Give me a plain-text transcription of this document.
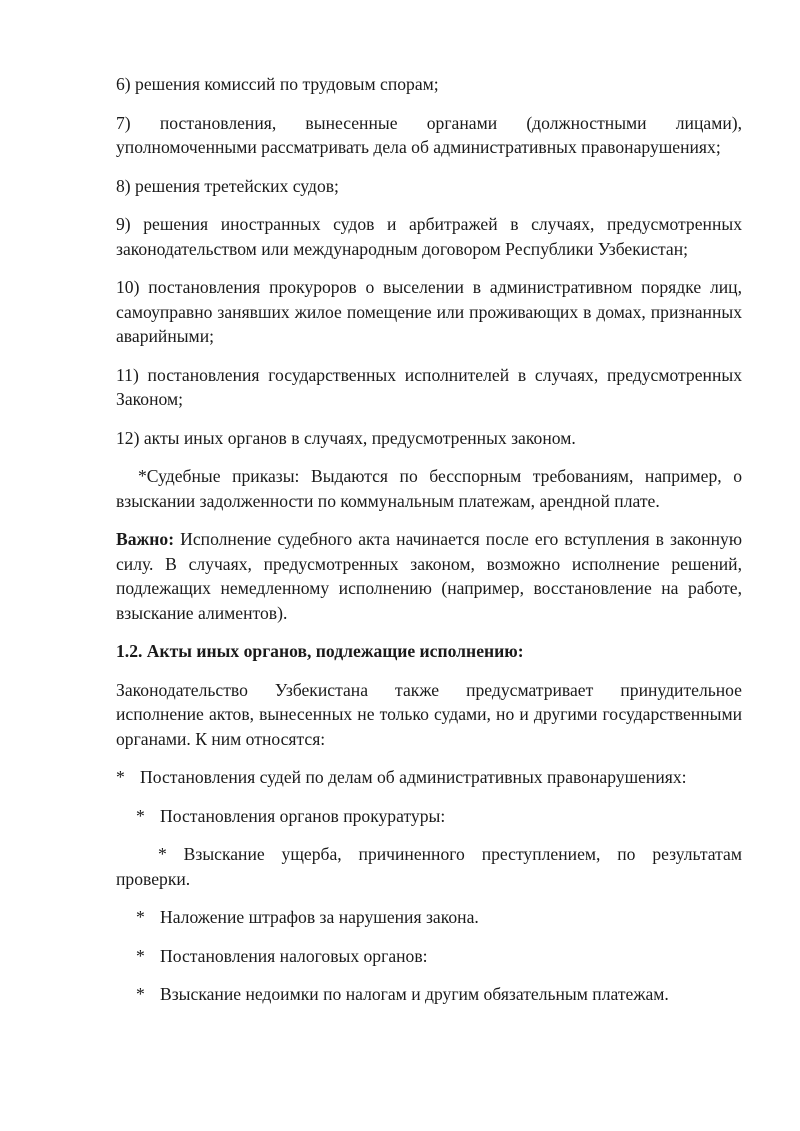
6) решения комиссий по трудовым спорам;

7) постановления, вынесенные органами (должностными лицами), уполномоченными рассматривать дела об административных правонарушениях;

8) решения третейских судов;

9) решения иностранных судов и арбитражей в случаях, предусмотренных законодательством или международным договором Республики Узбекистан;

10) постановления прокуроров о выселении в административном порядке лиц, самоуправно занявших жилое помещение или проживающих в домах, признанных аварийными;

11) постановления государственных исполнителей в случаях, предусмотренных Законом;

12) акты иных органов в случаях, предусмотренных законом.

*Судебные приказы: Выдаются по бесспорным требованиям, например, о взыскании задолженности по коммунальным платежам, арендной плате.

Важно: Исполнение судебного акта начинается после его вступления в законную силу. В случаях, предусмотренных законом, возможно исполнение решений, подлежащих немедленному исполнению (например, восстановление на работе, взыскание алиментов).

1.2. Акты иных органов, подлежащие исполнению:

Законодательство Узбекистана также предусматривает принудительное исполнение актов, вынесенных не только судами, но и другими государственными органами. К ним относятся:

* Постановления судей по делам об административных правонарушениях:

* Постановления органов прокуратуры:

* Взыскание ущерба, причиненного преступлением, по результатам проверки.

* Наложение штрафов за нарушения закона.

* Постановления налоговых органов:

* Взыскание недоимки по налогам и другим обязательным платежам.
